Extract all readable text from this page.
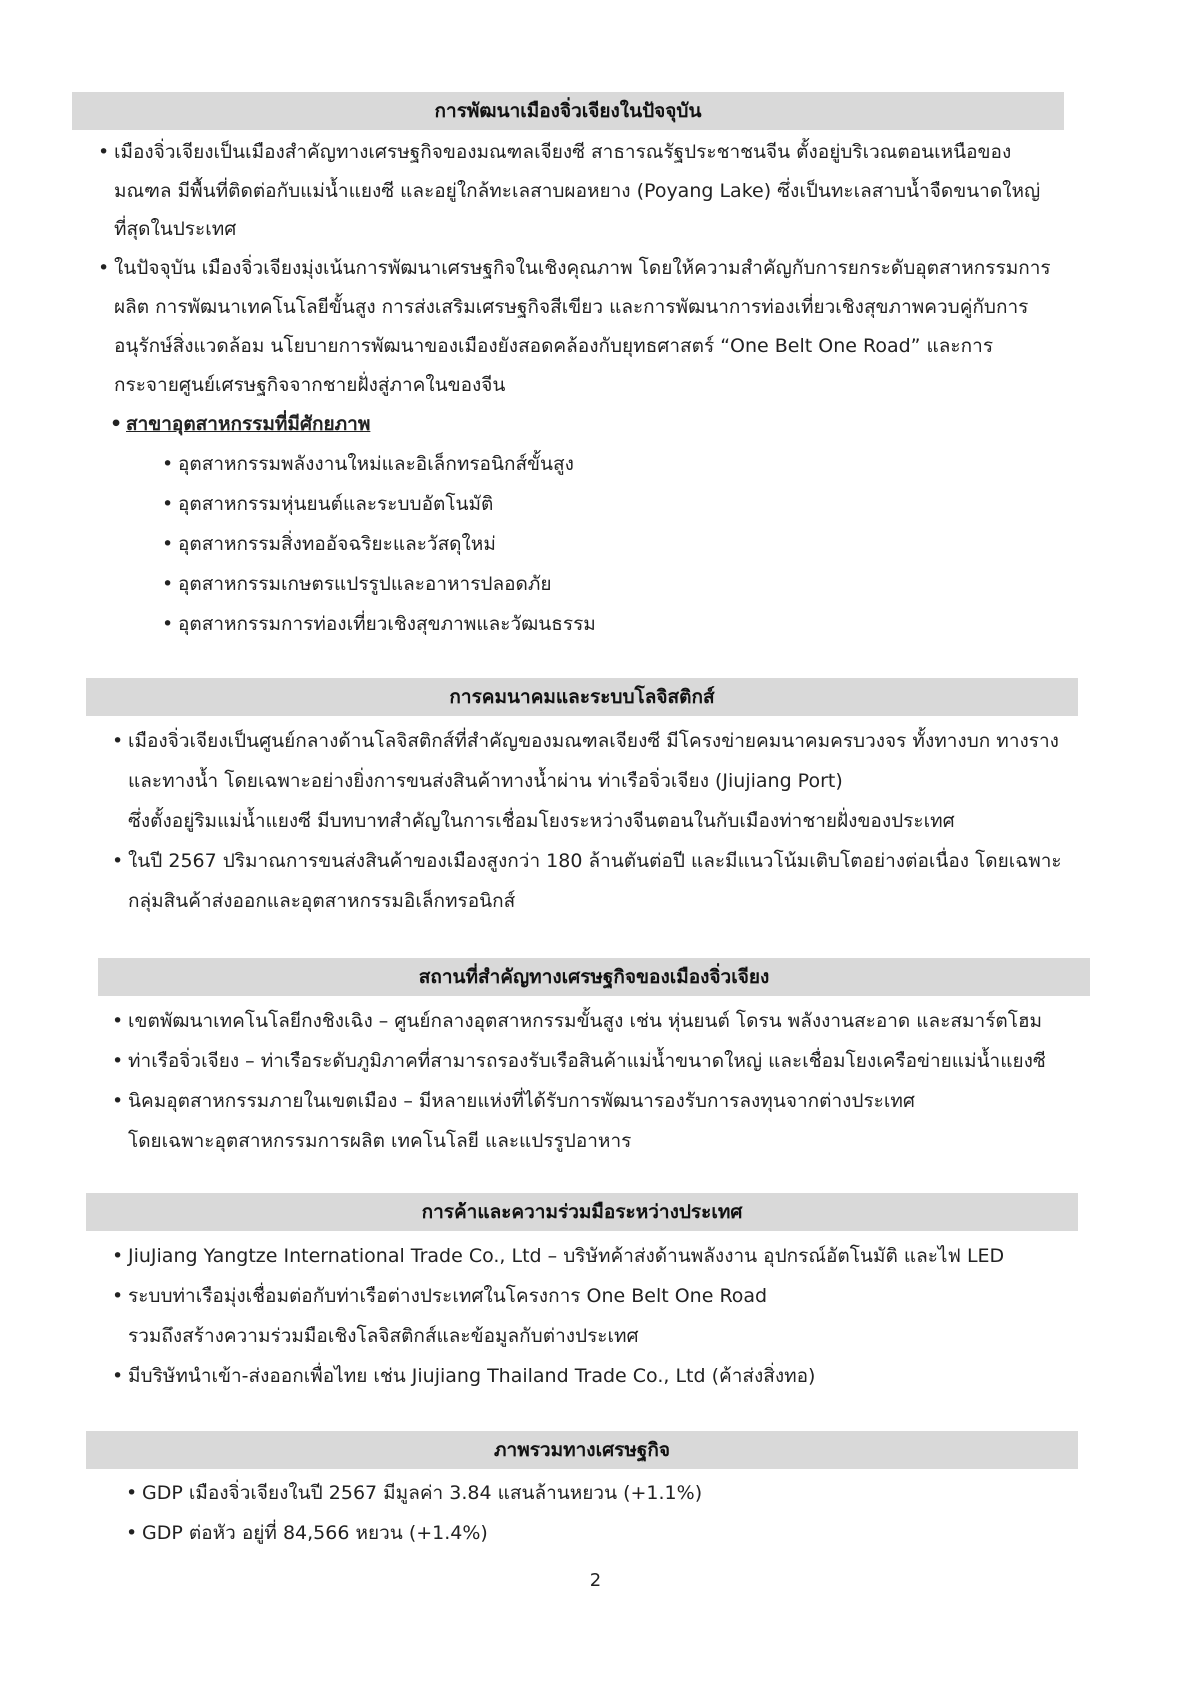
การพัฒนาเมืองจิ่วเจียงในปัจจุบัน
• เมืองจิ่วเจียงเป็นเมืองสำคัญทางเศรษฐกิจของมณฑลเจียงซี สาธารณรัฐประชาชนจีน ตั้งอยู่บริเวณตอนเหนือของ
มณฑล มีพื้นที่ติดต่อกับแม่น้ำแยงซี และอยู่ใกล้ทะเลสาบผอหยาง (Poyang Lake) ซึ่งเป็นทะเลสาบน้ำจืดขนาดใหญ่
ที่สุดในประเทศ
• ในปัจจุบัน เมืองจิ่วเจียงมุ่งเน้นการพัฒนาเศรษฐกิจในเชิงคุณภาพ โดยให้ความสำคัญกับการยกระดับอุตสาหกรรมการ
ผลิต การพัฒนาเทคโนโลยีขั้นสูง การส่งเสริมเศรษฐกิจสีเขียว และการพัฒนาการท่องเที่ยวเชิงสุขภาพควบคู่กับการ
อนุรักษ์สิ่งแวดล้อม นโยบายการพัฒนาของเมืองยังสอดคล้องกับยุทธศาสตร์ “One Belt One Road” และการ
กระจายศูนย์เศรษฐกิจจากชายฝั่งสู่ภาคในของจีน
• สาขาอุตสาหกรรมที่มีศักยภาพ
• อุตสาหกรรมพลังงานใหม่และอิเล็กทรอนิกส์ขั้นสูง
• อุตสาหกรรมหุ่นยนต์และระบบอัตโนมัติ
• อุตสาหกรรมสิ่งทออัจฉริยะและวัสดุใหม่
• อุตสาหกรรมเกษตรแปรรูปและอาหารปลอดภัย
• อุตสาหกรรมการท่องเที่ยวเชิงสุขภาพและวัฒนธรรม
การคมนาคมและระบบโลจิสติกส์
• เมืองจิ่วเจียงเป็นศูนย์กลางด้านโลจิสติกส์ที่สำคัญของมณฑลเจียงซี มีโครงข่ายคมนาคมครบวงจร ทั้งทางบก ทางราง
และทางน้ำ โดยเฉพาะอย่างยิ่งการขนส่งสินค้าทางน้ำผ่าน ท่าเรือจิ่วเจียง (Jiujiang Port)
ซึ่งตั้งอยู่ริมแม่น้ำแยงซี มีบทบาทสำคัญในการเชื่อมโยงระหว่างจีนตอนในกับเมืองท่าชายฝั่งของประเทศ
• ในปี 2567 ปริมาณการขนส่งสินค้าของเมืองสูงกว่า 180 ล้านตันต่อปี และมีแนวโน้มเติบโตอย่างต่อเนื่อง โดยเฉพาะ
กลุ่มสินค้าส่งออกและอุตสาหกรรมอิเล็กทรอนิกส์
สถานที่สำคัญทางเศรษฐกิจของเมืองจิ่วเจียง
• เขตพัฒนาเทคโนโลยีกงชิงเฉิง – ศูนย์กลางอุตสาหกรรมขั้นสูง เช่น หุ่นยนต์ โดรน พลังงานสะอาด และสมาร์ตโฮม
• ท่าเรือจิ่วเจียง – ท่าเรือระดับภูมิภาคที่สามารถรองรับเรือสินค้าแม่น้ำขนาดใหญ่ และเชื่อมโยงเครือข่ายแม่น้ำแยงซี
• นิคมอุตสาหกรรมภายในเขตเมือง – มีหลายแห่งที่ได้รับการพัฒนารองรับการลงทุนจากต่างประเทศ
โดยเฉพาะอุตสาหกรรมการผลิต เทคโนโลยี และแปรรูปอาหาร
การค้าและความร่วมมือระหว่างประเทศ
• JiuJiang Yangtze International Trade Co., Ltd – บริษัทค้าส่งด้านพลังงาน อุปกรณ์อัตโนมัติ และไฟ LED
• ระบบท่าเรือมุ่งเชื่อมต่อกับท่าเรือต่างประเทศในโครงการ One Belt One Road
รวมถึงสร้างความร่วมมือเชิงโลจิสติกส์และข้อมูลกับต่างประเทศ
• มีบริษัทนำเข้า-ส่งออกเพื่อไทย เช่น Jiujiang Thailand Trade Co., Ltd (ค้าส่งสิ่งทอ)
ภาพรวมทางเศรษฐกิจ
• GDP เมืองจิ่วเจียงในปี 2567 มีมูลค่า 3.84 แสนล้านหยวน (+1.1%)
• GDP ต่อหัว อยู่ที่ 84,566 หยวน (+1.4%)
2
